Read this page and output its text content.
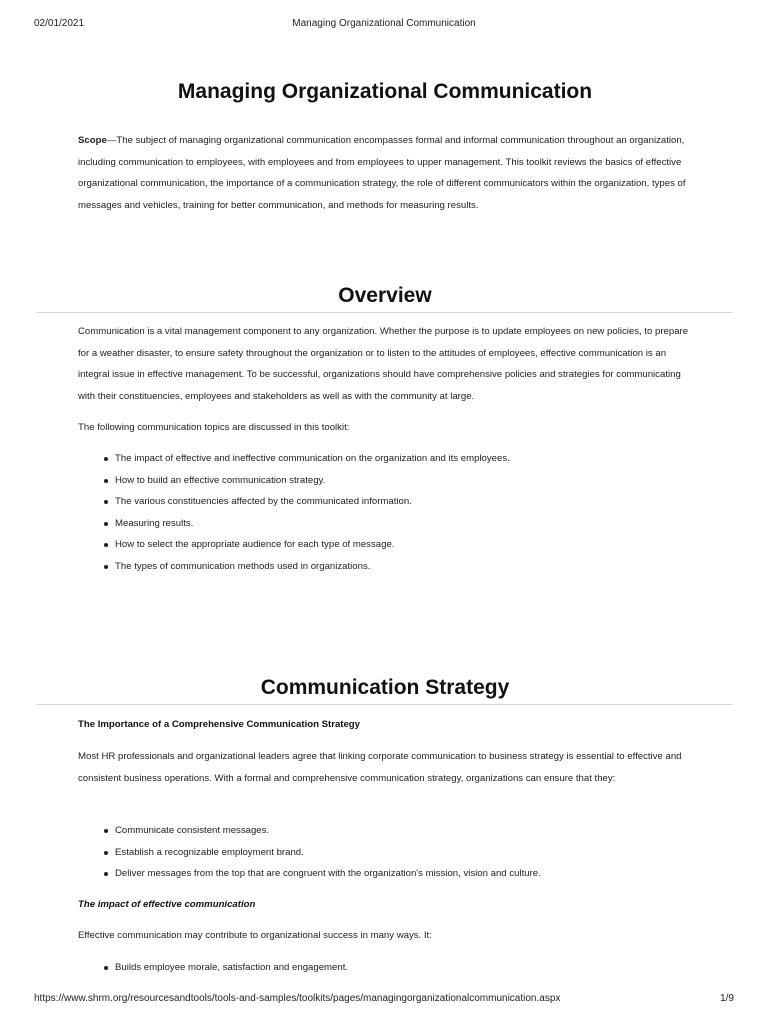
02/01/2021	Managing Organizational Communication
Managing Organizational Communication

Scope—The subject of managing organizational communication encompasses formal and informal communication throughout an organization, including communication to employees, with employees and from employees to upper management. This toolkit reviews the basics of effective organizational communication, the importance of a communication strategy, the role of different communicators within the organization, types of messages and vehicles, training for better communication, and methods for measuring results.

Overview

Communication is a vital management component to any organization. Whether the purpose is to update employees on new policies, to prepare for a weather disaster, to ensure safety throughout the organization or to listen to the attitudes of employees, effective communication is an integral issue in effective management. To be successful, organizations should have comprehensive policies and strategies for communicating with their constituencies, employees and stakeholders as well as with the community at large.

The following communication topics are discussed in this toolkit:

The impact of effective and ineffective communication on the organization and its employees.
How to build an effective communication strategy.
The various constituencies affected by the communicated information.
Measuring results.
How to select the appropriate audience for each type of message.
The types of communication methods used in organizations.
Communication Strategy

The Importance of a Comprehensive Communication Strategy

Most HR professionals and organizational leaders agree that linking corporate communication to business strategy is essential to effective and consistent business operations. With a formal and comprehensive communication strategy, organizations can ensure that they:

Communicate consistent messages.
Establish a recognizable employment brand.
Deliver messages from the top that are congruent with the organization's mission, vision and culture.

The impact of effective communication

Effective communication may contribute to organizational success in many ways. It:

Builds employee morale, satisfaction and engagement.
https://www.shrm.org/resourcesandtools/tools-and-samples/toolkits/pages/managingorganizationalcommunication.aspx	1/9
